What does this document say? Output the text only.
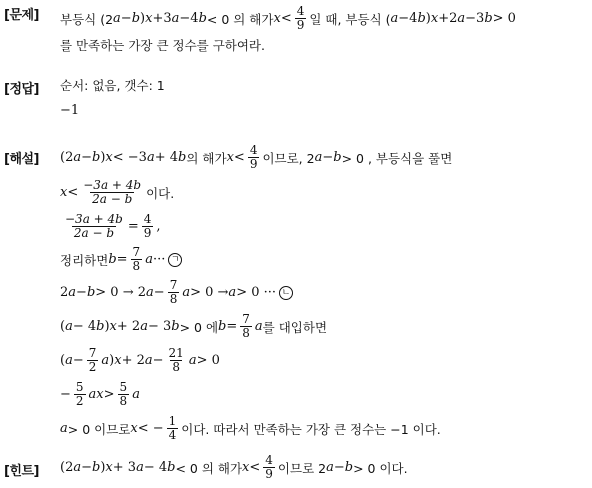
[문제] 부등식 (2 a − b ) x +3 a −4 b < 0 의 해가 $x < \frac{4}{9}$ 일 때, 부등식 ( a −4 b ) x +2 a −3 b > 0
를 만족하는 가장 큰 정수를 구하여라.
[정답] 순서: 없음, 갯수: 1
−1
[해설] (2 a − b ) x < −3 a + 4 b 의 해가 $x < \frac{4}{9}$ 이므로, 2 a − b > 0 , 부등식을 풀면
$x < \frac{-3a + 4b}{2a - b}$ 이다.
$\frac{-3a + 4b}{2a - b} = \frac{4}{9}$ ,
정리하면 $b = \frac{7}{8}$ a ··· ㄱ
2 a − b > 0 → 2 $a - \frac{7}{8}$ a > 0 → a > 0 ··· ㄴ
( a − 4 b ) x + 2 a − 3 b > 0 에 $b = \frac{7}{8}$ a 를 대입하면
( $a - \frac{7}{2}$ a ) x + 2 $a - \frac{21}{8}$ a > 0
− $\frac{5}{2}$ ax > $\frac{5}{8}$ a
a > 0 이므로 x < − $\frac{1}{4}$ 이다. 따라서 만족하는 가장 큰 정수는 −1 이다.
[힌트] (2 a − b ) x + 3 a − 4 b < 0 의 해가 $x < \frac{4}{9}$ 이므로 2 a − b > 0 이다.
